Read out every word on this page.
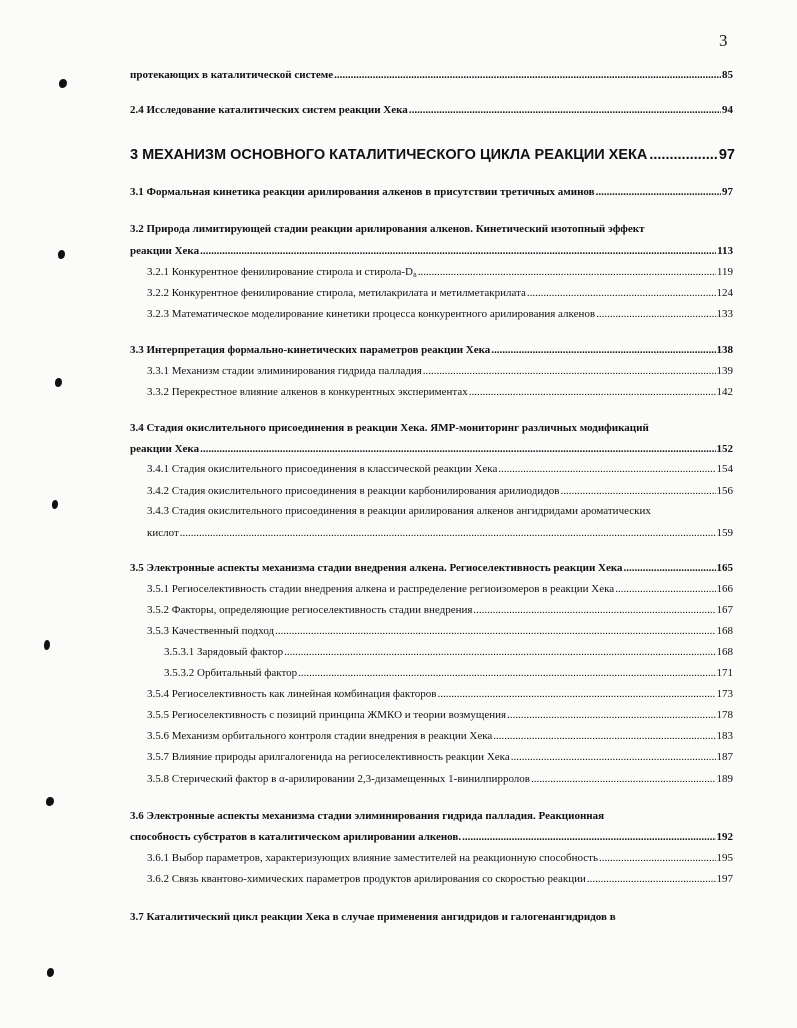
3
протекающих в каталитической системе .....	85
2.4 Исследование каталитических систем реакции Хека .....	94
3 МЕХАНИЗМ ОСНОВНОГО КАТАЛИТИЧЕСКОГО ЦИКЛА РЕАКЦИИ ХЕКА .....	97
3.1 Формальная кинетика реакции арилирования алкенов в присутствии третичных аминов .....	97
3.2 Природа лимитирующей стадии реакции арилирования алкенов. Кинетический изотопный эффект
реакции Хека .....	113
3.2.1 Конкурентное фенилирование стирола и стирола-D₈ .....	119
3.2.2 Конкурентное фенилирование стирола, метилакрилата и метилметакрилата .....	124
3.2.3 Математическое моделирование кинетики процесса конкурентного арилирования алкенов .....	133
3.3 Интерпретация формально-кинетических параметров реакции Хека .....	138
3.3.1 Механизм стадии элиминирования гидрида палладия .....	139
3.3.2 Перекрестное влияние алкенов в конкурентных экспериментах .....	142
3.4 Стадия окислительного присоединения в реакции Хека. ЯМР-мониторинг различных модификаций
реакции Хека .....	152
3.4.1 Стадия окислительного присоединения в классической реакции Хека .....	154
3.4.2 Стадия окислительного присоединения в реакции карбонилирования арилиодидов .....	156
3.4.3 Стадия окислительного присоединения в реакции арилирования алкенов ангидридами ароматических
кислот .....	159
3.5 Электронные аспекты механизма стадии внедрения алкена. Региоселективность реакции Хека .....	165
3.5.1 Региоселективность стадии внедрения алкена и распределение региоизомеров в реакции Хека .....	166
3.5.2 Факторы, определяющие региоселективность стадии внедрения .....	167
3.5.3 Качественный подход .....	168
3.5.3.1 Зарядовый фактор .....	168
3.5.3.2 Орбитальный фактор .....	171
3.5.4 Региоселективность как линейная комбинация факторов .....	173
3.5.5 Региоселективность с позиций принципа ЖМКО и теории возмущения .....	178
3.5.6 Механизм орбитального контроля стадии внедрения в реакции Хека .....	183
3.5.7 Влияние природы арилгалогенида на региоселективность реакции Хека .....	187
3.5.8 Стерический фактор в α-арилировании 2,3-дизамещенных 1-винилпирролов .....	189
3.6 Электронные аспекты механизма стадии элиминирования гидрида палладия. Реакционная
способность субстратов в каталитическом арилировании алкенов. .....	192
3.6.1 Выбор параметров, характеризующих влияние заместителей на реакционную способность .....	195
3.6.2 Связь квантово-химических параметров продуктов арилирования со скоростью реакции .....	197
3.7 Каталитический цикл реакции Хека в случае применения ангидридов и галогенангидридов в
